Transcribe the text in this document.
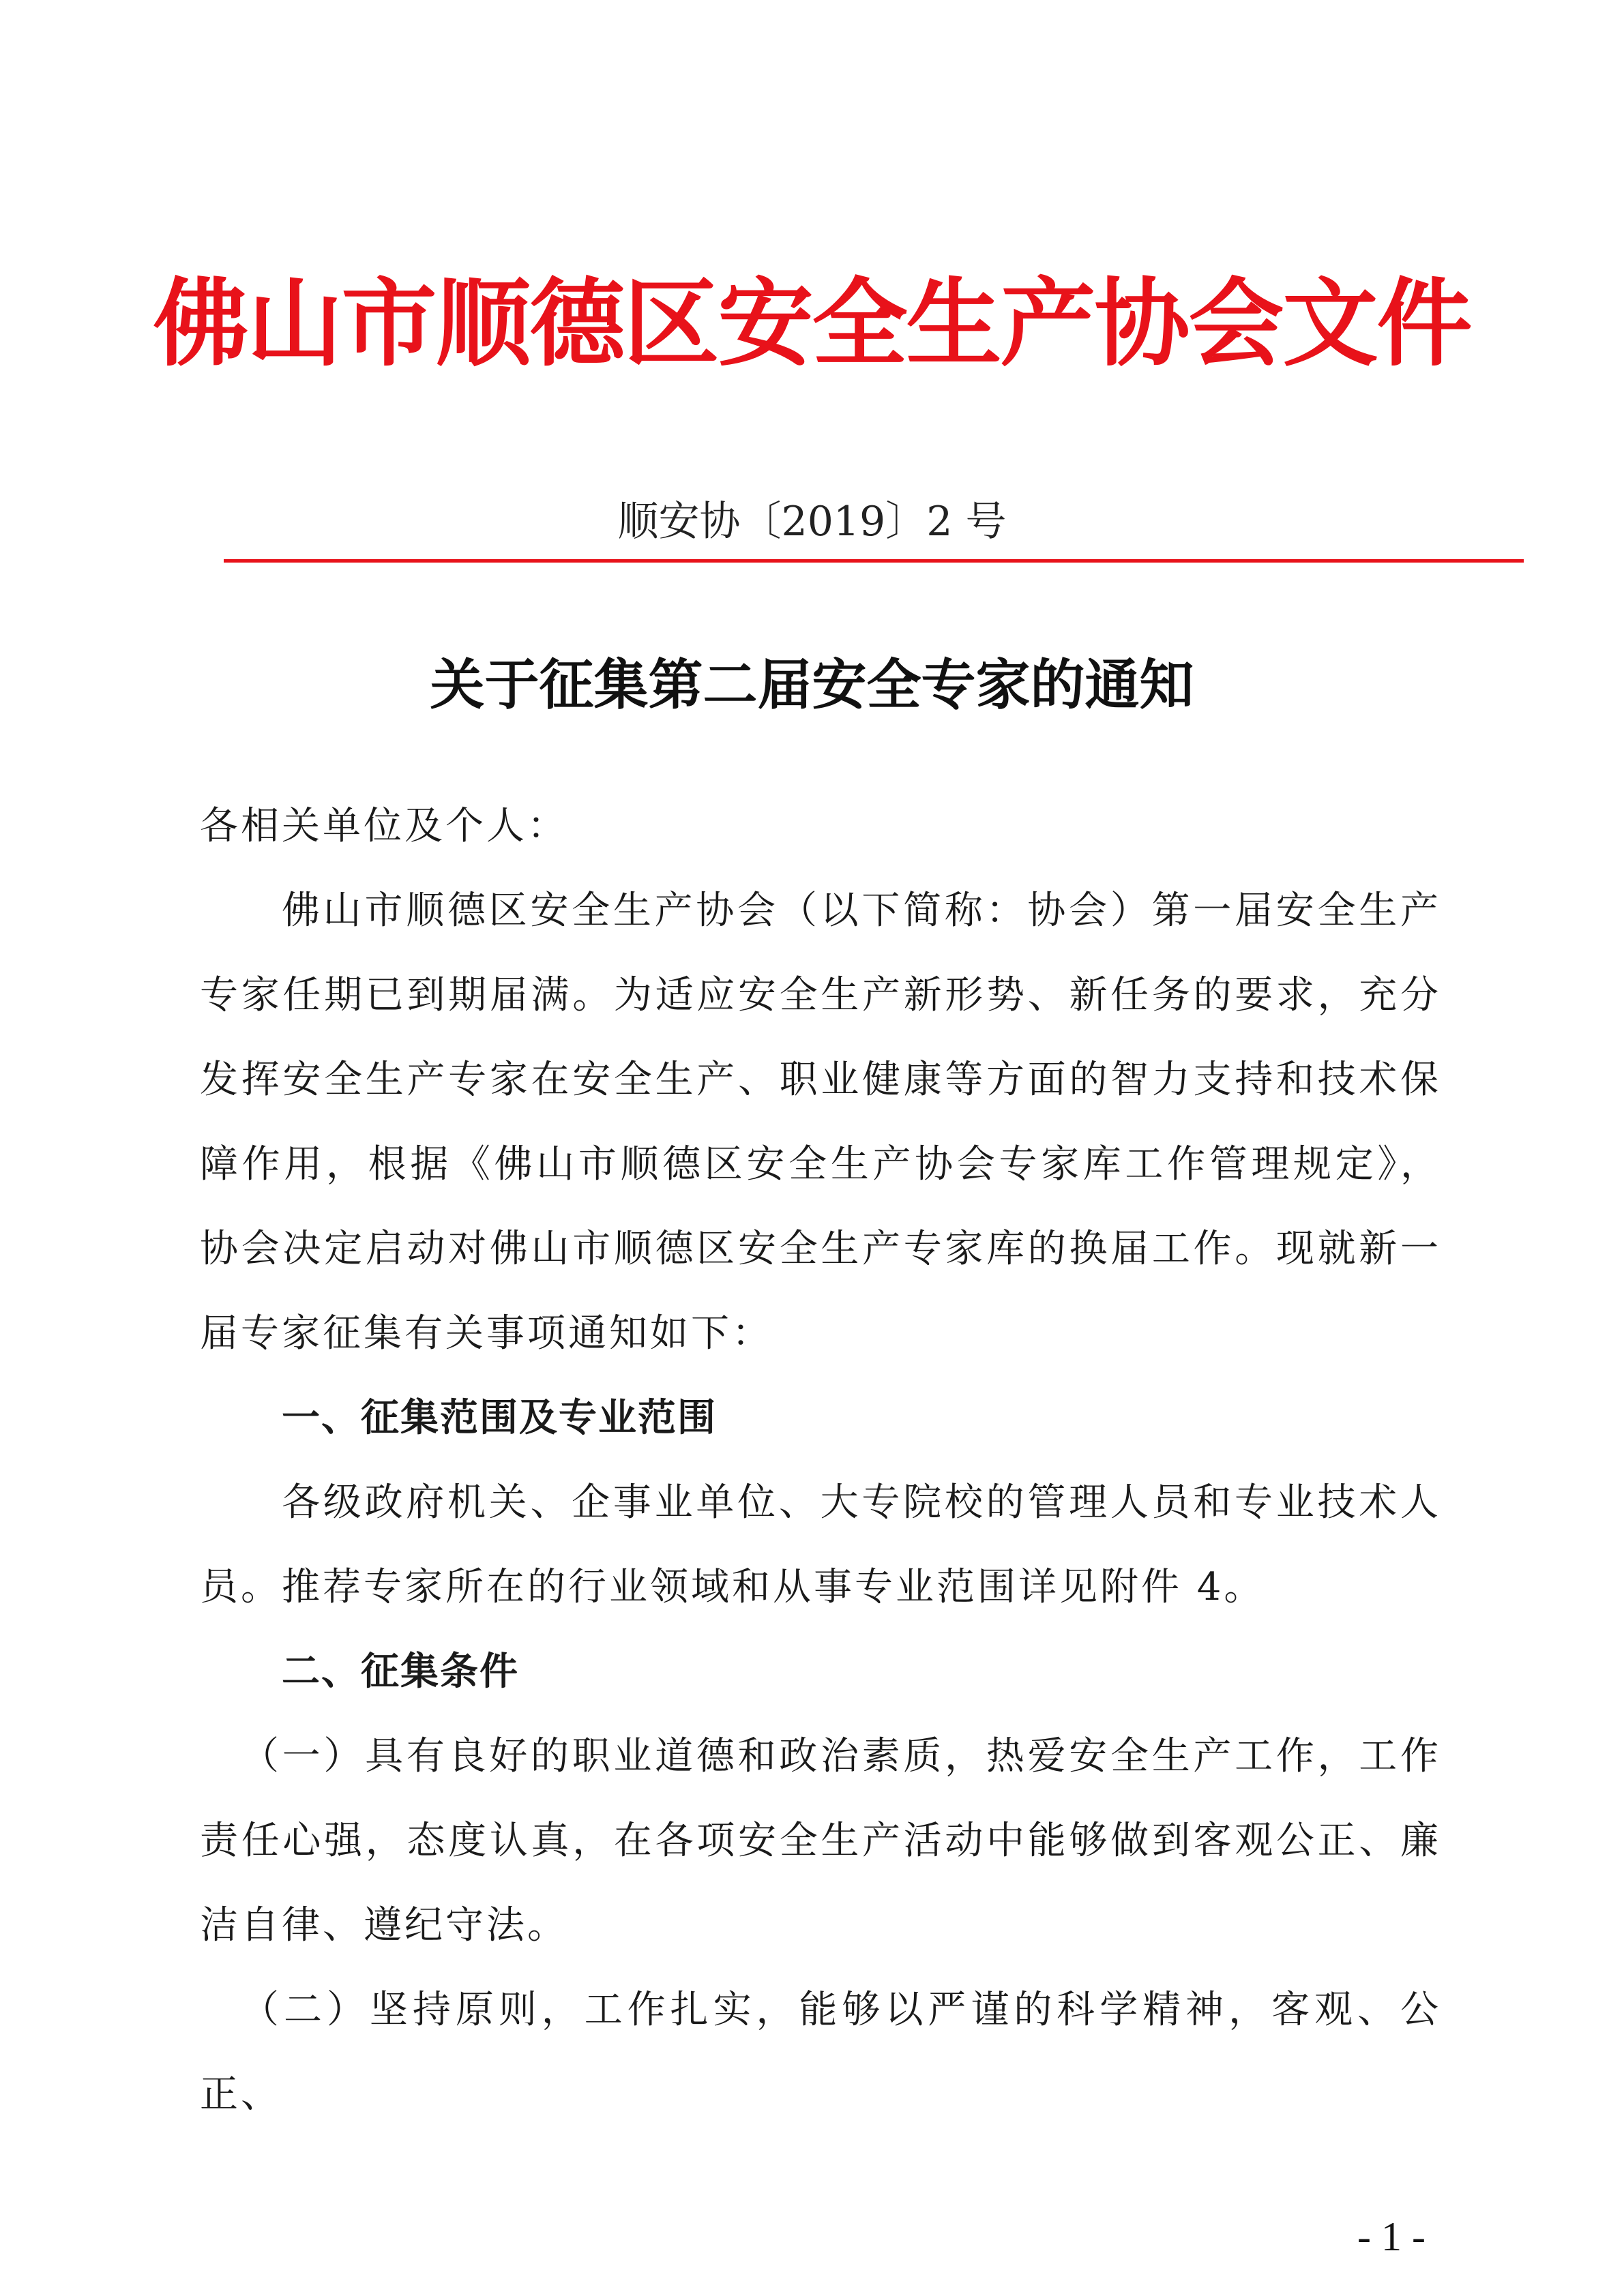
佛山市顺德区安全生产协会文件
顺安协〔2019〕2 号
关于征集第二届安全专家的通知

各相关单位及个人：

佛山市顺德区安全生产协会（以下简称：协会）第一届安全生产专家任期已到期届满。为适应安全生产新形势、新任务的要求，充分发挥安全生产专家在安全生产、职业健康等方面的智力支持和技术保障作用，根据《佛山市顺德区安全生产协会专家库工作管理规定》，协会决定启动对佛山市顺德区安全生产专家库的换届工作。现就新一届专家征集有关事项通知如下：

一、征集范围及专业范围

各级政府机关、企事业单位、大专院校的管理人员和专业技术人员。推荐专家所在的行业领域和从事专业范围详见附件 4。

二、征集条件

（一）具有良好的职业道德和政治素质，热爱安全生产工作，工作责任心强，态度认真，在各项安全生产活动中能够做到客观公正、廉洁自律、遵纪守法。

（二）坚持原则，工作扎实，能够以严谨的科学精神，客观、公正、

- 1 -
